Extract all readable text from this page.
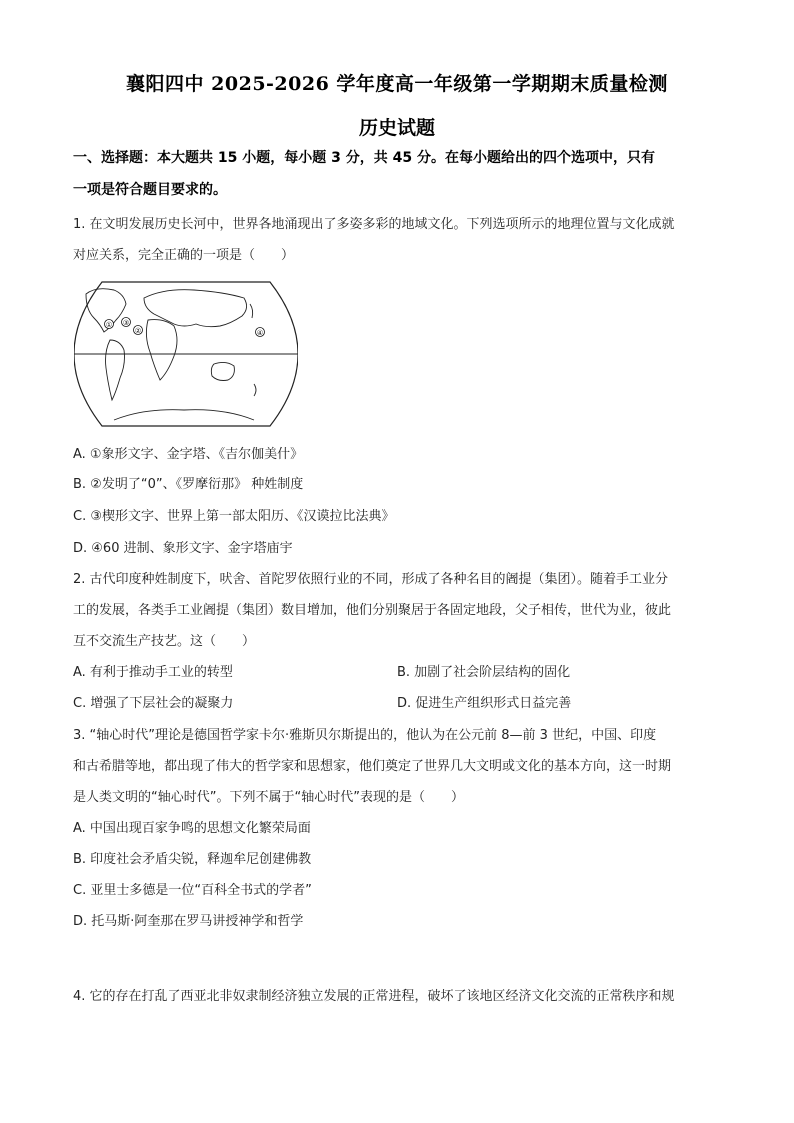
襄阳四中 2025-2026 学年度高一年级第一学期期末质量检测
历史试题
一、选择题：本大题共 15 小题，每小题 3 分，共 45 分。在每小题给出的四个选项中，只有
一项是符合题目要求的。
1. 在文明发展历史长河中，世界各地涌现出了多姿多彩的地域文化。下列选项所示的地理位置与文化成就
对应关系，完全正确的一项是（　　）
①
②
③
④
A. ①象形文字、金字塔、《吉尔伽美什》
B. ②发明了“0”、《罗摩衍那》 种姓制度
C. ③楔形文字、世界上第一部太阳历、《汉谟拉比法典》
D. ④60 进制、象形文字、金字塔庙宇
2. 古代印度种姓制度下，吠舍、首陀罗依照行业的不同，形成了各种名目的阇提（集团）。随着手工业分
工的发展，各类手工业阇提（集团）数目增加，他们分别聚居于各固定地段，父子相传，世代为业，彼此
互不交流生产技艺。这（　　）
A. 有利于推动手工业的转型	B. 加剧了社会阶层结构的固化
C. 增强了下层社会的凝聚力	D. 促进生产组织形式日益完善
3. “轴心时代”理论是德国哲学家卡尔·雅斯贝尔斯提出的，他认为在公元前 8—前 3 世纪，中国、印度
和古希腊等地，都出现了伟大的哲学家和思想家，他们奠定了世界几大文明或文化的基本方向，这一时期
是人类文明的“轴心时代”。下列不属于“轴心时代”表现的是（　　）
A. 中国出现百家争鸣的思想文化繁荣局面
B. 印度社会矛盾尖锐，释迦牟尼创建佛教
C. 亚里士多德是一位“百科全书式的学者”
D. 托马斯·阿奎那在罗马讲授神学和哲学
4. 它的存在打乱了西亚北非奴隶制经济独立发展的正常进程，破坏了该地区经济文化交流的正常秩序和规
